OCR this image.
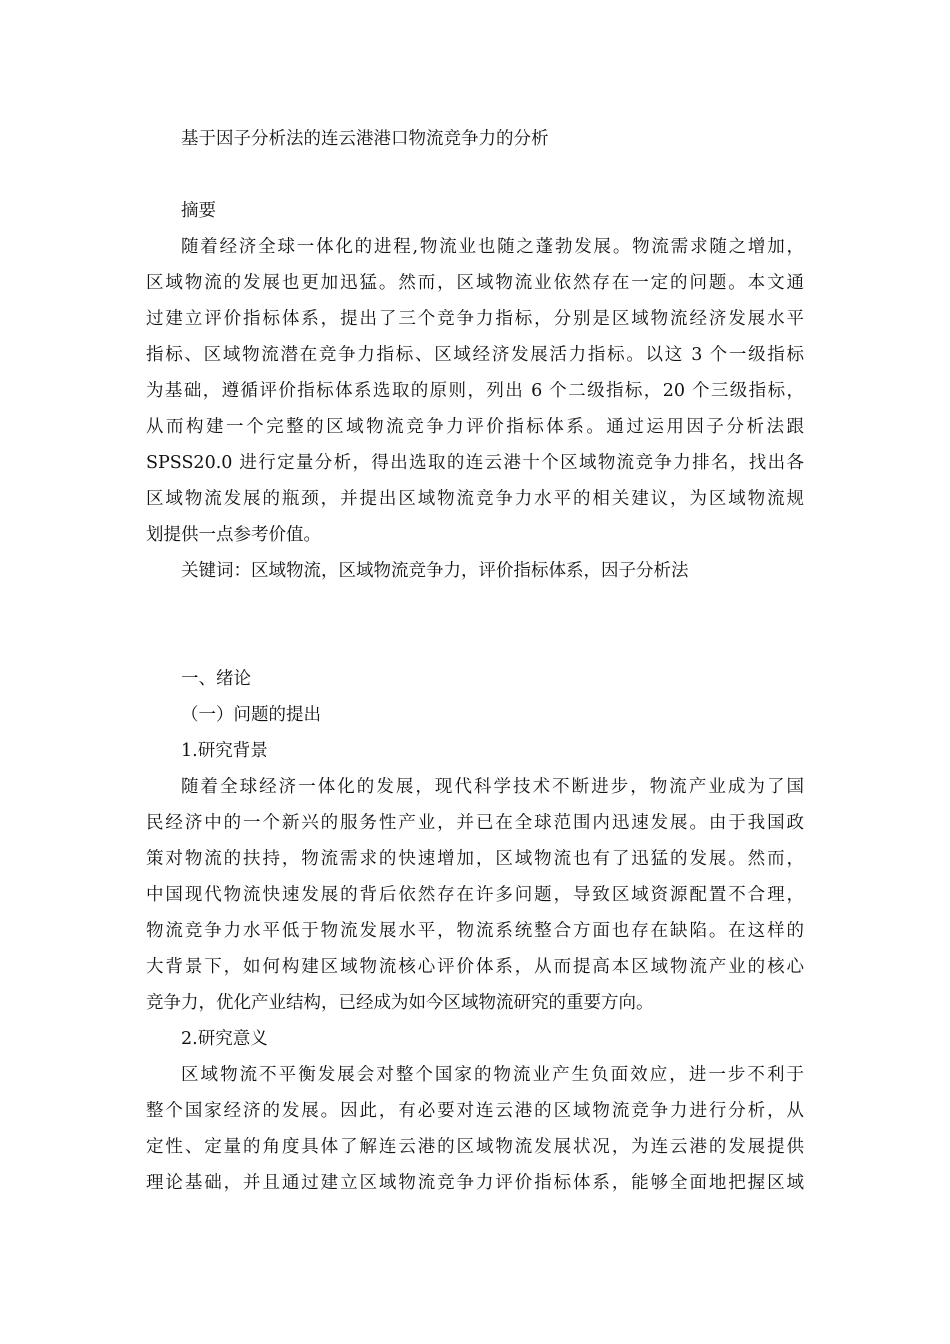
基于因子分析法的连云港港口物流竞争力的分析
摘要
随着经济全球一体化的进程,物流业也随之蓬勃发展。物流需求随之增加，
区域物流的发展也更加迅猛。然而，区域物流业依然存在一定的问题。本文通
过建立评价指标体系，提出了三个竞争力指标，分别是区域物流经济发展水平
指标、区域物流潜在竞争力指标、区域经济发展活力指标。以这 3 个一级指标
为基础，遵循评价指标体系选取的原则，列出 6 个二级指标，20 个三级指标，
从而构建一个完整的区域物流竞争力评价指标体系。通过运用因子分析法跟
SPSS20.0 进行定量分析，得出选取的连云港十个区域物流竞争力排名，找出各
区域物流发展的瓶颈，并提出区域物流竞争力水平的相关建议，为区域物流规
划提供一点参考价值。
关键词：区域物流，区域物流竞争力，评价指标体系，因子分析法
一、绪论
（一）问题的提出
1.研究背景
随着全球经济一体化的发展，现代科学技术不断进步，物流产业成为了国
民经济中的一个新兴的服务性产业，并已在全球范围内迅速发展。由于我国政
策对物流的扶持，物流需求的快速增加，区域物流也有了迅猛的发展。然而，
中国现代物流快速发展的背后依然存在许多问题，导致区域资源配置不合理，
物流竞争力水平低于物流发展水平，物流系统整合方面也存在缺陷。在这样的
大背景下，如何构建区域物流核心评价体系，从而提高本区域物流产业的核心
竞争力，优化产业结构，已经成为如今区域物流研究的重要方向。
2.研究意义
区域物流不平衡发展会对整个国家的物流业产生负面效应，进一步不利于
整个国家经济的发展。因此，有必要对连云港的区域物流竞争力进行分析，从
定性、定量的角度具体了解连云港的区域物流发展状况，为连云港的发展提供
理论基础，并且通过建立区域物流竞争力评价指标体系，能够全面地把握区域
